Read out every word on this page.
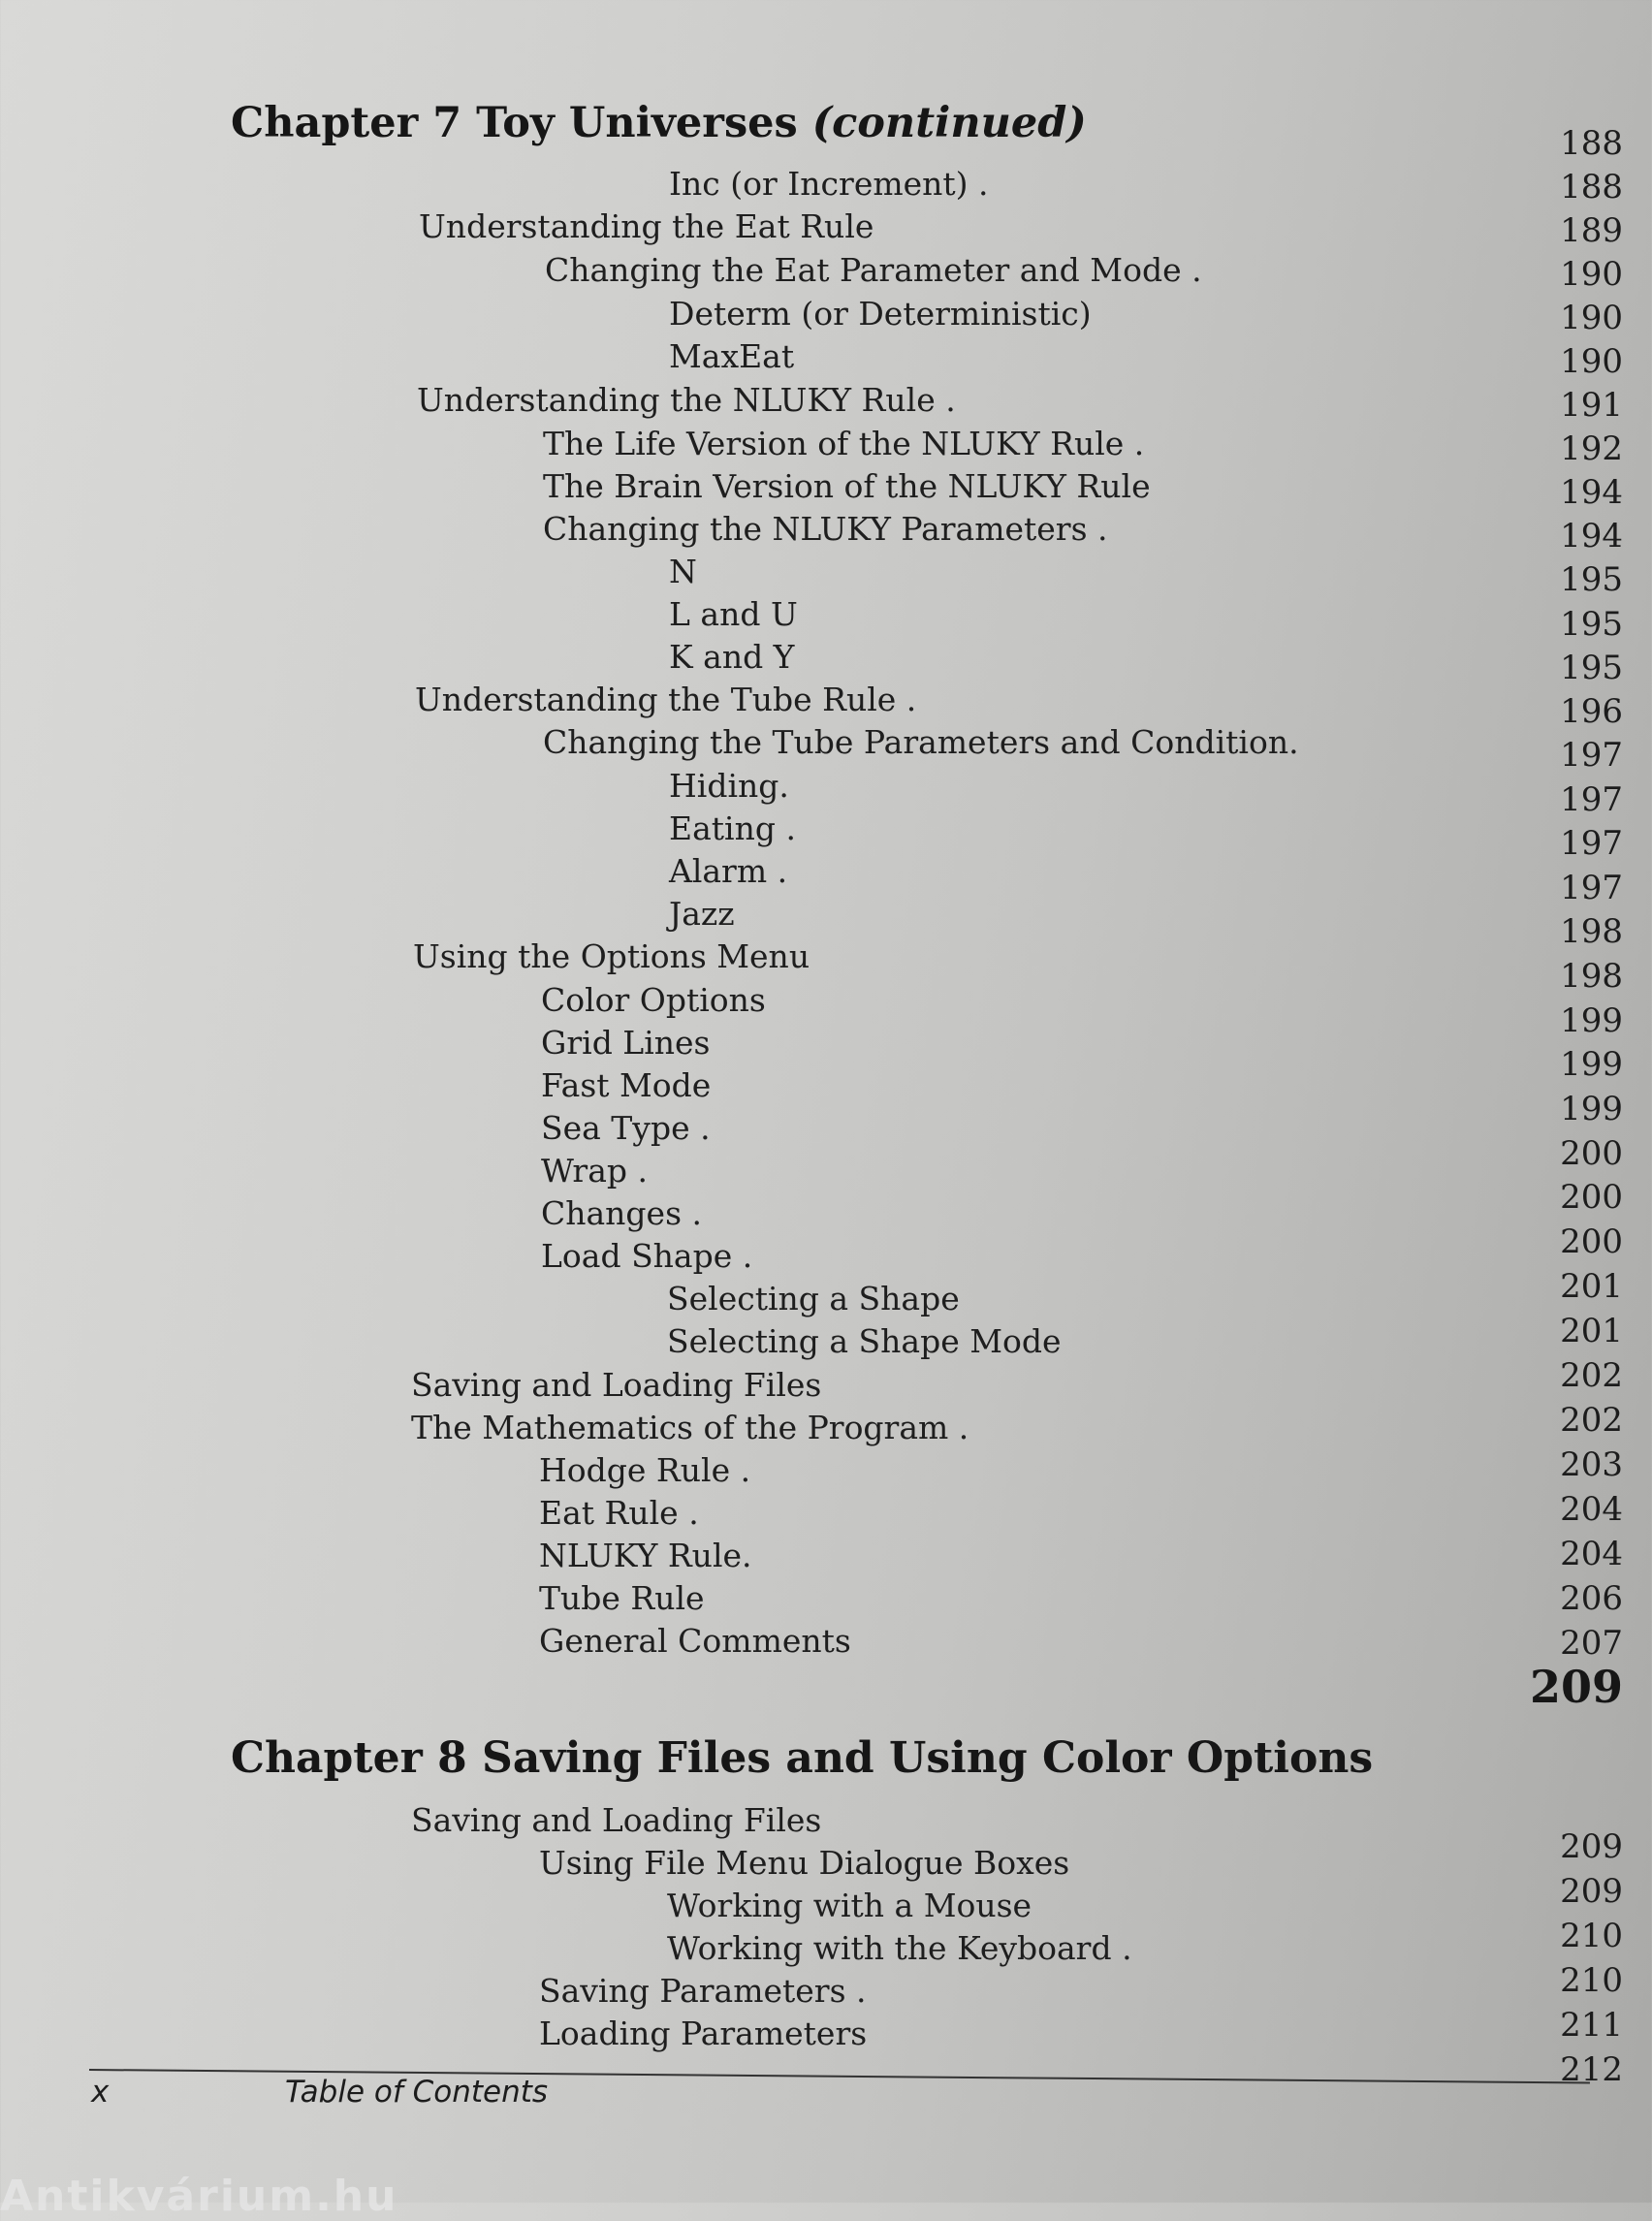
Chapter 7 Toy Universes (continued)
Inc (or Increment) .
Understanding the Eat Rule
Changing the Eat Parameter and Mode .
Determ (or Deterministic)
MaxEat
Understanding the NLUKY Rule .
The Life Version of the NLUKY Rule .
The Brain Version of the NLUKY Rule
Changing the NLUKY Parameters .
N
L and U
K and Y
Understanding the Tube Rule .
Changing the Tube Parameters and Condition.
Hiding.
Eating .
Alarm .
Jazz
Using the Options Menu
Color Options
Grid Lines
Fast Mode
Sea Type .
Wrap .
Changes .
Load Shape .
Selecting a Shape
Selecting a Shape Mode
Saving and Loading Files
The Mathematics of the Program .
Hodge Rule .
Eat Rule .
NLUKY Rule.
Tube Rule
General Comments
Saving and Loading Files
Using File Menu Dialogue Boxes
Working with a Mouse
Working with the Keyboard .
Saving Parameters .
Loading Parameters
Chapter 8 Saving Files and Using Color Options
188
188
189
190
190
190
191
192
194
194
195
195
195
196
197
197
197
197
198
198
199
199
199
200
200
200
201
201
202
202
203
204
204
206
207
209
209
209
210
210
211
212
x	Table of Contents
Antikvárium.hu
